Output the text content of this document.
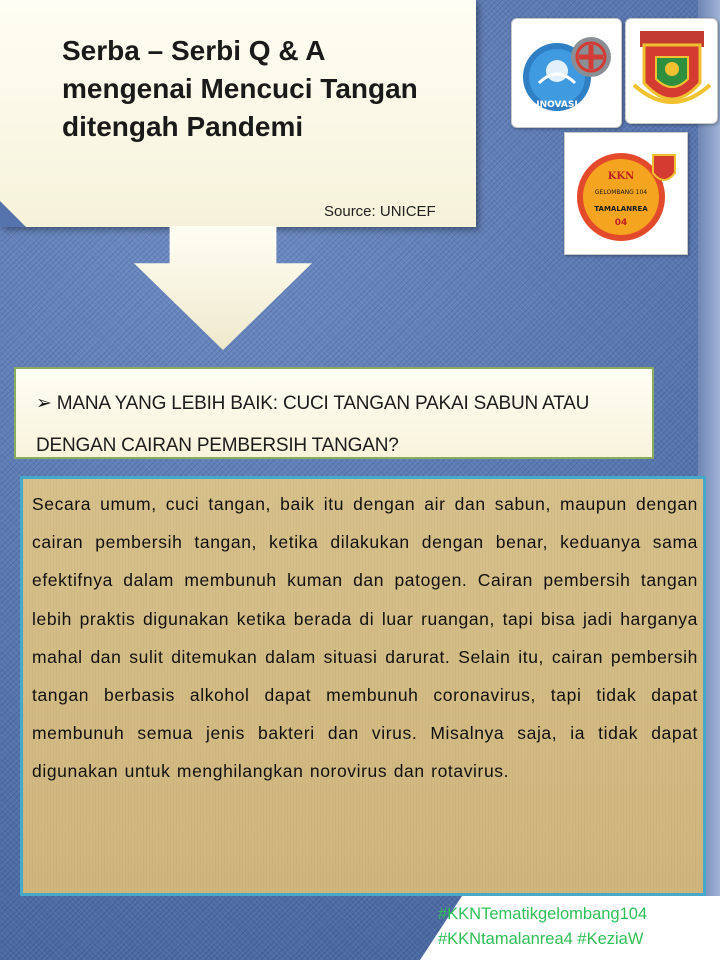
Serba – Serbi Q & A mengenai Mencuci Tangan ditengah Pandemi

Source: UNICEF

INOVASI
KKN
GELOMBANG 104
TAMALANREA
04

➢ MANA YANG LEBIH BAIK: CUCI TANGAN PAKAI SABUN ATAU DENGAN CAIRAN PEMBERSIH TANGAN?

Secara umum, cuci tangan, baik itu dengan air dan sabun, maupun dengan cairan pembersih tangan, ketika dilakukan dengan benar, keduanya sama efektifnya dalam membunuh kuman dan patogen. Cairan pembersih tangan lebih praktis digunakan ketika berada di luar ruangan, tapi bisa jadi harganya mahal dan sulit ditemukan dalam situasi darurat. Selain itu, cairan pembersih tangan berbasis alkohol dapat membunuh coronavirus, tapi tidak dapat membunuh semua jenis bakteri dan virus. Misalnya saja, ia tidak dapat digunakan untuk menghilangkan norovirus dan rotavirus.

#KKNTematikgelombang104
#KKNtamalanrea4 #KeziaW
